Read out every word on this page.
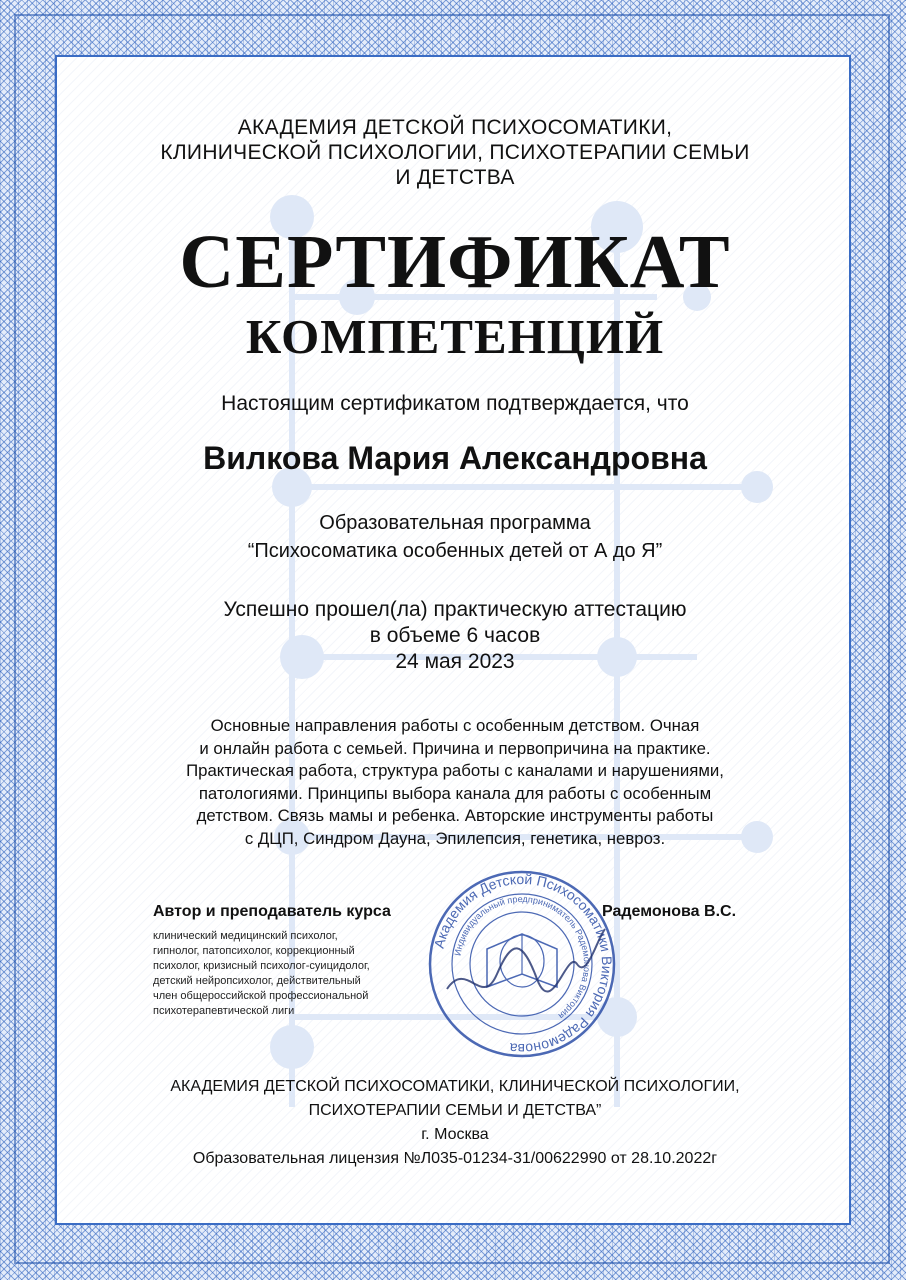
АКАДЕМИЯ ДЕТСКОЙ ПСИХОСОМАТИКИ,
КЛИНИЧЕСКОЙ ПСИХОЛОГИИ, ПСИХОТЕРАПИИ СЕМЬИ
И ДЕТСТВА
СЕРТИФИКАТ
КОМПЕТЕНЦИЙ
Настоящим сертификатом подтверждается, что
Вилкова Мария Александровна
Образовательная программа
“Психосоматика особенных детей от А до Я”
Успешно прошел(ла) практическую аттестацию
в объеме 6 часов
24 мая 2023
Основные направления работы с особенным детством. Очная
и онлайн работа с семьей. Причина и первопричина на практике.
Практическая работа, структура работы с каналами и нарушениями,
патологиями. Принципы выбора канала для работы с особенным
детством. Связь мамы и ребенка. Авторские инструменты работы
с ДЦП, Синдром Дауна, Эпилепсия, генетика, невроз.
Автор и преподаватель курса
клинический медицинский психолог,
гипнолог, патопсихолог, коррекционный
психолог, кризисный психолог-суицидолог,
детский нейропсихолог, действительный
член общероссийской профессиональной
психотерапевтической лиги
Академия Детской Психосоматики Виктория Радемонова
Индивидуальный предприниматель Радемонова Виктория
Радемонова В.С.
АКАДЕМИЯ ДЕТСКОЙ ПСИХОСОМАТИКИ, КЛИНИЧЕСКОЙ ПСИХОЛОГИИ,
ПСИХОТЕРАПИИ СЕМЬИ И ДЕТСТВА”
г. Москва
Образовательная лицензия №Л035-01234-31/00622990 от 28.10.2022г
